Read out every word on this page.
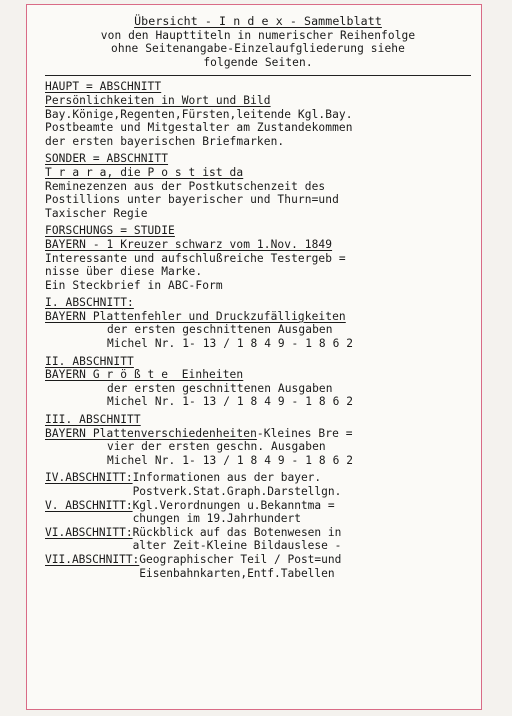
Übersicht - I n d e x - Sammelblatt
von den Haupttiteln in numerischer Reihenfolge
ohne Seitenangabe-Einzelaufgliederung siehe
folgende Seiten.
HAUPT = ABSCHNITT
Persönlichkeiten in Wort und Bild
Bay.Könige,Regenten,Fürsten,leitende Kgl.Bay.
Postbeamte und Mitgestalter am Zustandekommen
der ersten bayerischen Briefmarken.
SONDER = ABSCHNITT
T r a r a, die P o s t ist da
Reminezenzen aus der Postkutschenzeit des
Postillions unter bayerischer und Thurn=und
Taxischer Regie
FORSCHUNGS = STUDIE
BAYERN - 1 Kreuzer schwarz vom 1.Nov. 1849
Interessante und aufschlußreiche Testergeb =
nisse über diese Marke.
Ein Steckbrief in ABC-Form
I. ABSCHNITT:
BAYERN Plattenfehler und Druckzufälligkeiten
der ersten geschnittenen Ausgaben
Michel Nr. 1- 13 / 1 8 4 9 - 1 8 6 2
II. ABSCHNITT
BAYERN G r ö ß t e  Einheiten
der ersten geschnittenen Ausgaben
Michel Nr. 1- 13 / 1 8 4 9 - 1 8 6 2
III. ABSCHNITT
BAYERN Plattenverschiedenheiten-Kleines Bre =
vier der ersten geschn. Ausgaben
Michel Nr. 1- 13 / 1 8 4 9 - 1 8 6 2
IV.ABSCHNITT: Informationen aus der bayer.
Postverk.Stat.Graph.Darstellgn.
V. ABSCHNITT: Kgl.Verordnungen u.Bekanntma =
chungen im 19.Jahrhundert
VI.ABSCHNITT: Rückblick auf das Botenwesen in
alter Zeit-Kleine Bildauslese -
VII.ABSCHNITT: Geographischer Teil / Post=und
Eisenbahnkarten,Entf.Tabellen
